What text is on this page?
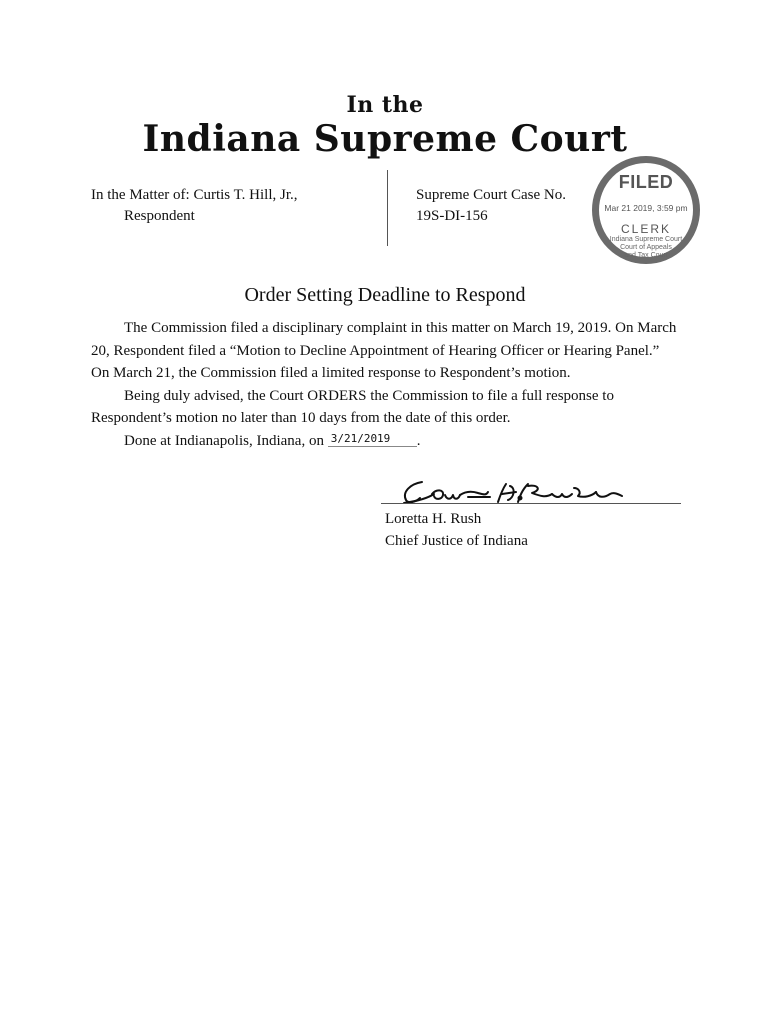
In the
Indiana Supreme Court
In the Matter of: Curtis T. Hill, Jr.,
Respondent
Supreme Court Case No.
19S-DI-156
FILED
Mar 21 2019, 3:59 pm
CLERK
Indiana Supreme Court
Court of Appeals
and Tax Court
Order Setting Deadline to Respond

The Commission filed a disciplinary complaint in this matter on March 19, 2019. On March 20, Respondent filed a “Motion to Decline Appointment of Hearing Officer or Hearing Panel.” On March 21, the Commission filed a limited response to Respondent’s motion.

Being duly advised, the Court ORDERS the Commission to file a full response to Respondent’s motion no later than 10 days from the date of this order.

Done at Indianapolis, Indiana, on 3/21/2019 .

Loretta H. Rush
Chief Justice of Indiana
